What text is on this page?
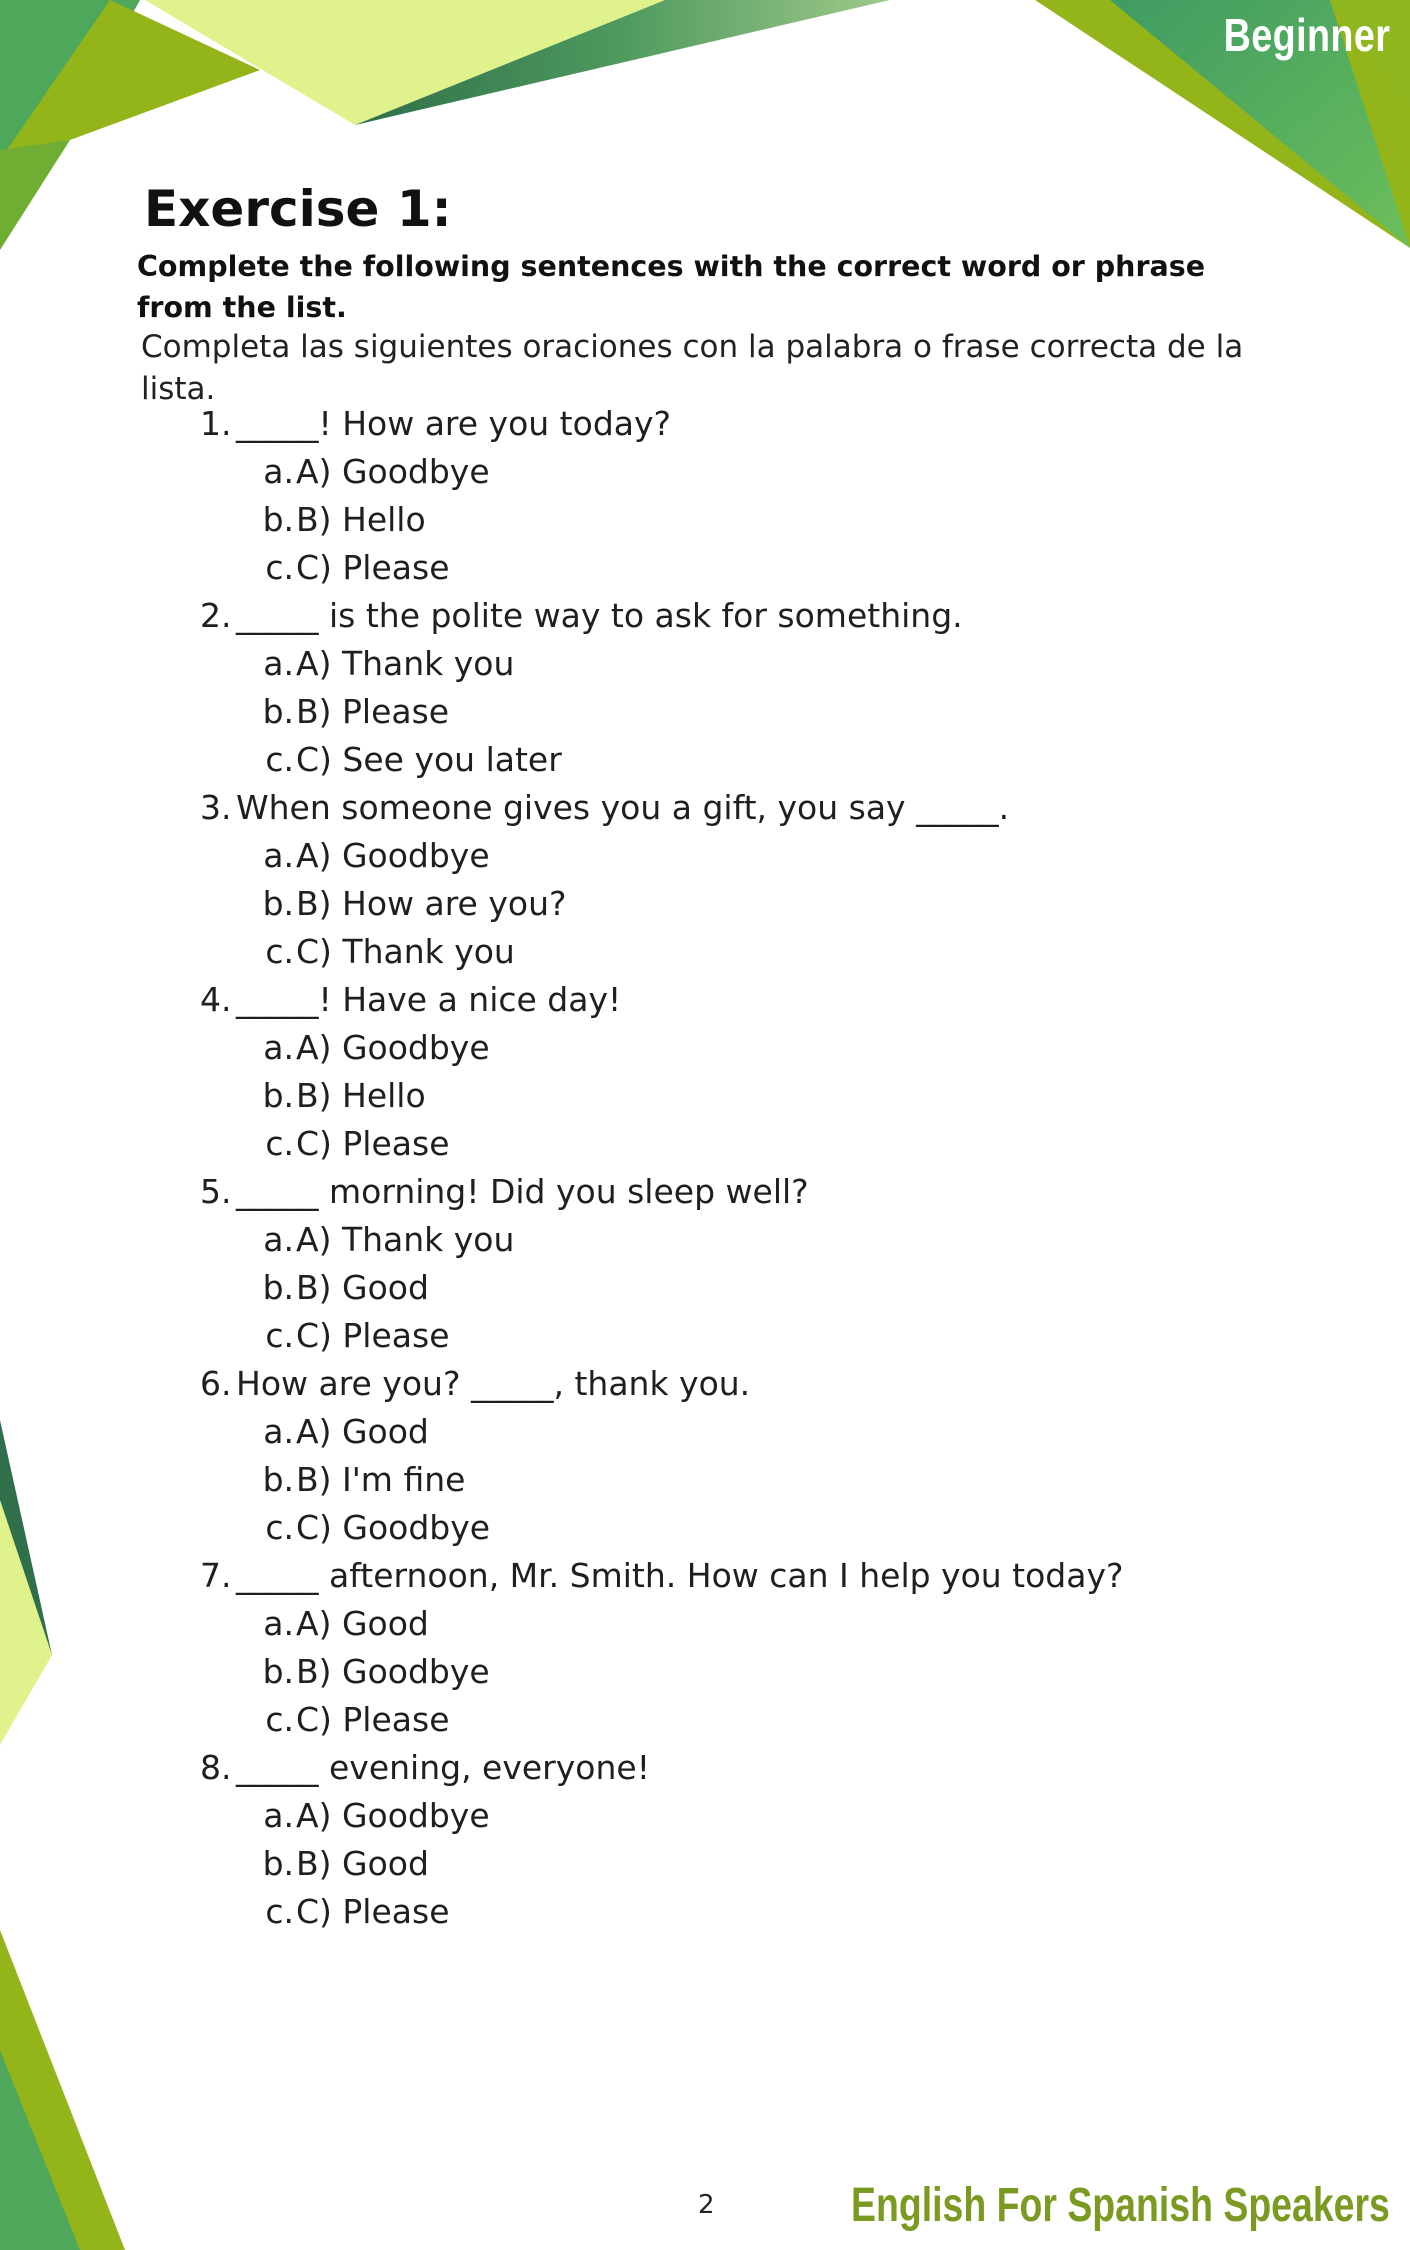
Beginner
Exercise 1:

Complete the following sentences with the correct word or phrase from the list.

Completa las siguientes oraciones con la palabra o frase correcta de la lista.

1. _____! How are you today?
a. A) Goodbye
b. B) Hello
c. C) Please
2. _____ is the polite way to ask for something.
a. A) Thank you
b. B) Please
c. C) See you later
3. When someone gives you a gift, you say _____.
a. A) Goodbye
b. B) How are you?
c. C) Thank you
4. _____! Have a nice day!
a. A) Goodbye
b. B) Hello
c. C) Please
5. _____ morning! Did you sleep well?
a. A) Thank you
b. B) Good
c. C) Please
6. How are you? _____, thank you.
a. A) Good
b. B) I'm fine
c. C) Goodbye
7. _____ afternoon, Mr. Smith. How can I help you today?
a. A) Good
b. B) Goodbye
c. C) Please
8. _____ evening, everyone!
a. A) Goodbye
b. B) Good
c. C) Please
2	English For Spanish Speakers
